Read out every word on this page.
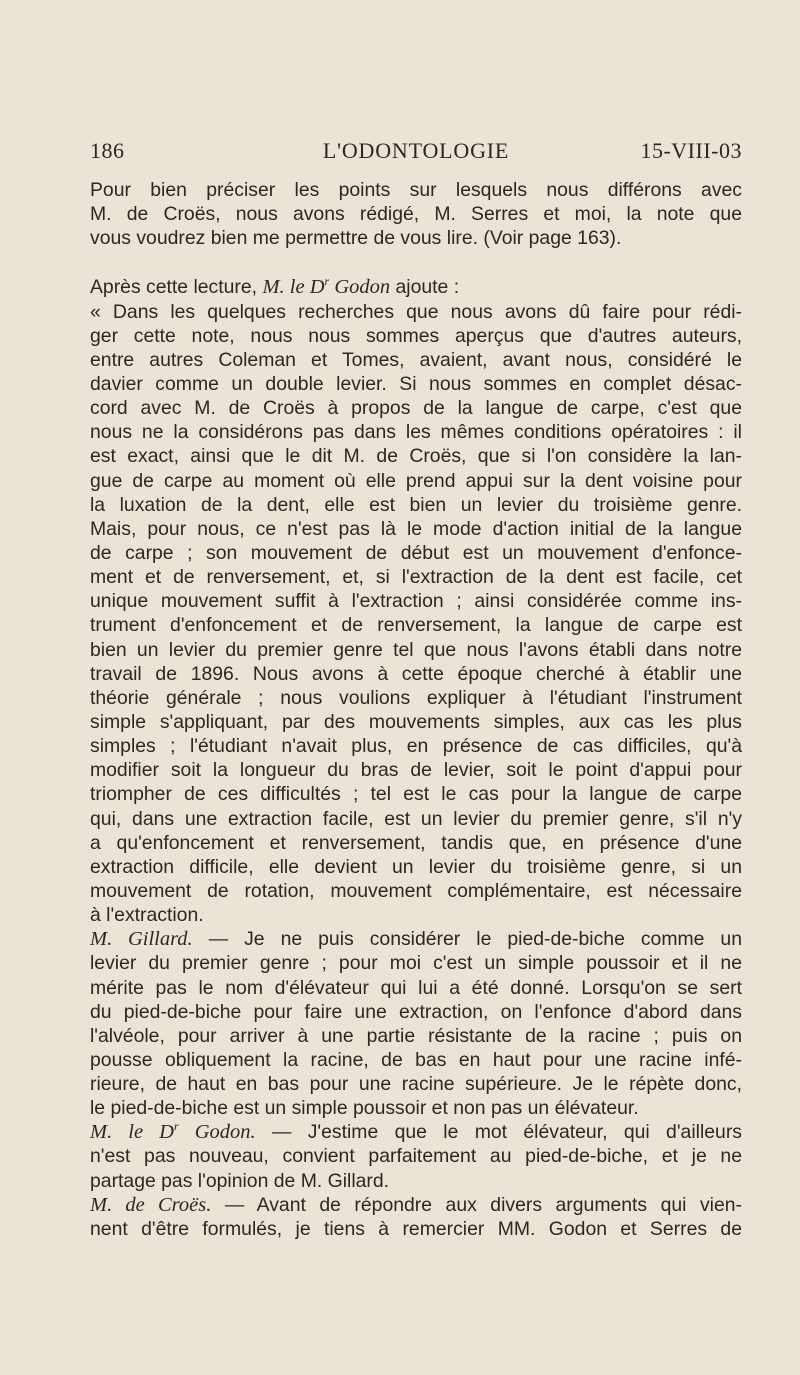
186	L'ODONTOLOGIE	15-VIII-03
Pour bien préciser les points sur lesquels nous différons avec
M. de Croës, nous avons rédigé, M. Serres et moi, la note que
vous voudrez bien me permettre de vous lire. (Voir page 163).
Après cette lecture, M. le $D^r$ Godon ajoute :
« Dans les quelques recherches que nous avons dû faire pour rédi-
ger cette note, nous nous sommes aperçus que d'autres auteurs,
entre autres Coleman et Tomes, avaient, avant nous, considéré le
davier comme un double levier. Si nous sommes en complet désac-
cord avec M. de Croës à propos de la langue de carpe, c'est que
nous ne la considérons pas dans les mêmes conditions opératoires : il
est exact, ainsi que le dit M. de Croës, que si l'on considère la lan-
gue de carpe au moment où elle prend appui sur la dent voisine pour
la luxation de la dent, elle est bien un levier du troisième genre.
Mais, pour nous, ce n'est pas là le mode d'action initial de la langue
de carpe ; son mouvement de début est un mouvement d'enfonce-
ment et de renversement, et, si l'extraction de la dent est facile, cet
unique mouvement suffit à l'extraction ; ainsi considérée comme ins-
trument d'enfoncement et de renversement, la langue de carpe est
bien un levier du premier genre tel que nous l'avons établi dans notre
travail de 1896. Nous avons à cette époque cherché à établir une
théorie générale ; nous voulions expliquer à l'étudiant l'instrument
simple s'appliquant, par des mouvements simples, aux cas les plus
simples ; l'étudiant n'avait plus, en présence de cas difficiles, qu'à
modifier soit la longueur du bras de levier, soit le point d'appui pour
triompher de ces difficultés ; tel est le cas pour la langue de carpe
qui, dans une extraction facile, est un levier du premier genre, s'il n'y
a qu'enfoncement et renversement, tandis que, en présence d'une
extraction difficile, elle devient un levier du troisième genre, si un
mouvement de rotation, mouvement complémentaire, est nécessaire
à l'extraction.
M. Gillard. — Je ne puis considérer le pied-de-biche comme un
levier du premier genre ; pour moi c'est un simple poussoir et il ne
mérite pas le nom d'élévateur qui lui a été donné. Lorsqu'on se sert
du pied-de-biche pour faire une extraction, on l'enfonce d'abord dans
l'alvéole, pour arriver à une partie résistante de la racine ; puis on
pousse obliquement la racine, de bas en haut pour une racine infé-
rieure, de haut en bas pour une racine supérieure. Je le répète donc,
le pied-de-biche est un simple poussoir et non pas un élévateur.
M. le $D^r$ Godon. — J'estime que le mot élévateur, qui d'ailleurs
n'est pas nouveau, convient parfaitement au pied-de-biche, et je ne
partage pas l'opinion de M. Gillard.
M. de Croës. — Avant de répondre aux divers arguments qui vien-
nent d'être formulés, je tiens à remercier MM. Godon et Serres de
